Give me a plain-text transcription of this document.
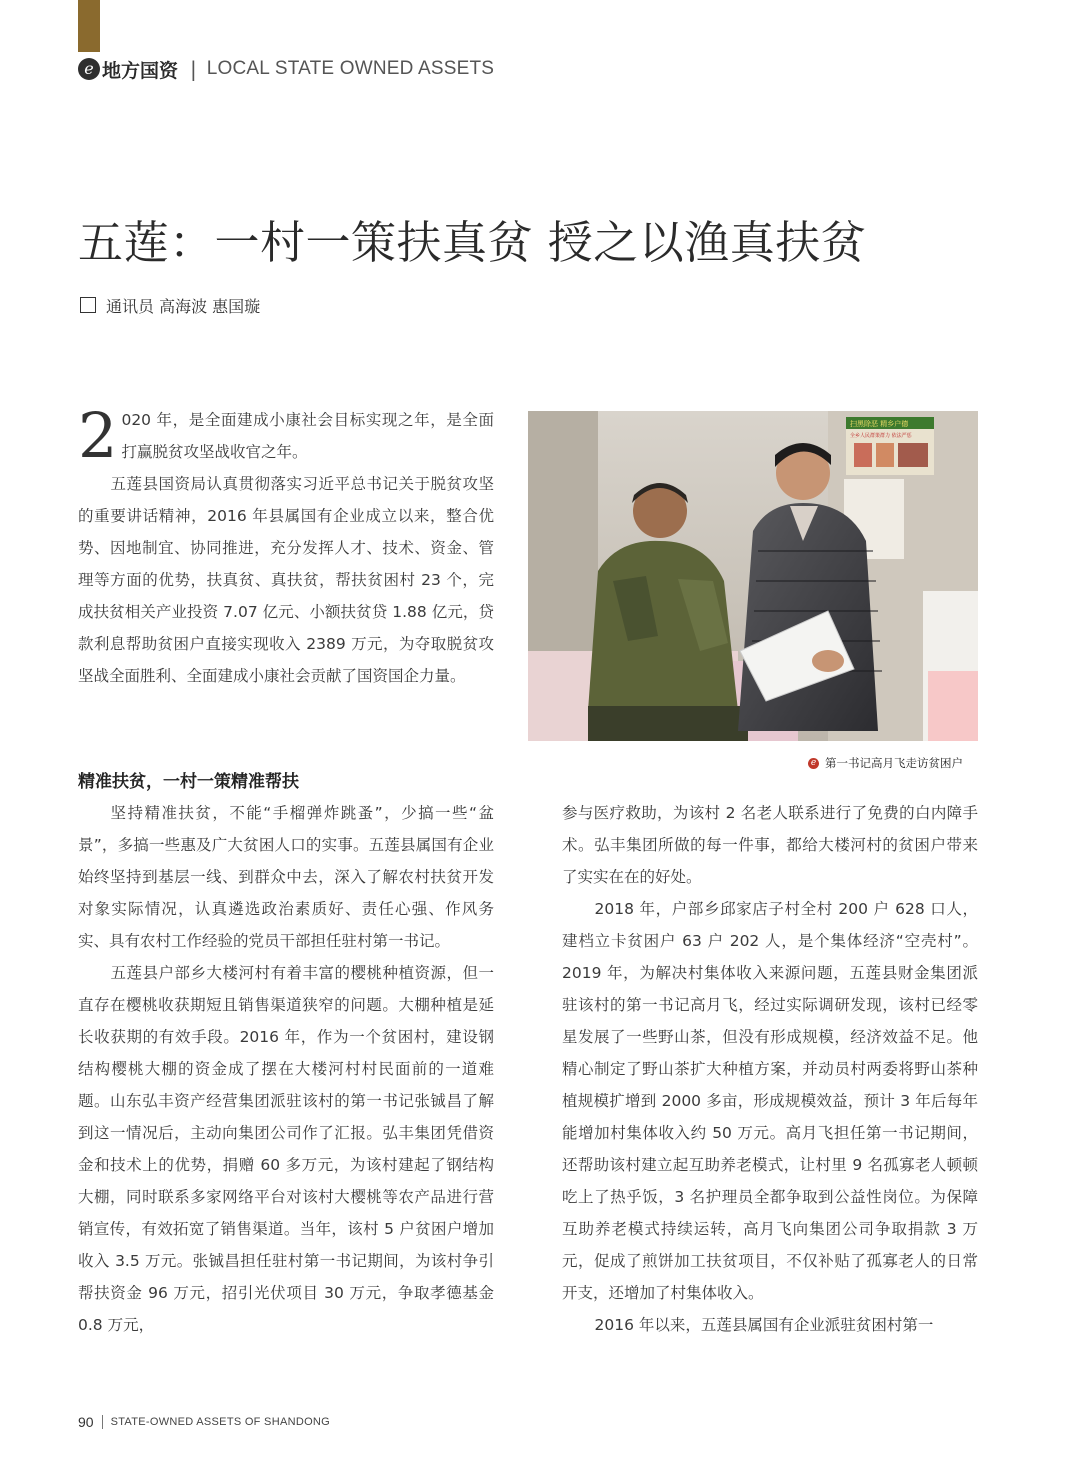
e 地方国资 | LOCAL STATE OWNED ASSETS
五莲：一村一策扶真贫 授之以渔真扶贫
通讯员 高海波 惠国璇

2 020 年，是全面建成小康社会目标实现之年，是全面打赢脱贫攻坚战收官之年。

五莲县国资局认真贯彻落实习近平总书记关于脱贫攻坚的重要讲话精神，2016 年县属国有企业成立以来，整合优势、因地制宜、协同推进，充分发挥人才、技术、资金、管理等方面的优势，扶真贫、真扶贫，帮扶贫困村 23 个，完成扶贫相关产业投资 7.07 亿元、小额扶贫贷 1.88 亿元，贷款利息帮助贫困户直接实现收入 2389 万元，为夺取脱贫攻坚战全面胜利、全面建成小康社会贡献了国资国企力量。

扫黑除恶 精乡户德
全乡人民群策群力 依法严惩
e 第一书记高月飞走访贫困户
精准扶贫，一村一策精准帮扶

坚持精准扶贫，不能“手榴弹炸跳蚤”，少搞一些“盆景”，多搞一些惠及广大贫困人口的实事。五莲县属国有企业始终坚持到基层一线、到群众中去，深入了解农村扶贫开发对象实际情况，认真遴选政治素质好、责任心强、作风务实、具有农村工作经验的党员干部担任驻村第一书记。

五莲县户部乡大楼河村有着丰富的樱桃种植资源，但一直存在樱桃收获期短且销售渠道狭窄的问题。大棚种植是延长收获期的有效手段。2016 年，作为一个贫困村，建设钢结构樱桃大棚的资金成了摆在大楼河村村民面前的一道难题。山东弘丰资产经营集团派驻该村的第一书记张铖昌了解到这一情况后，主动向集团公司作了汇报。弘丰集团凭借资金和技术上的优势，捐赠 60 多万元，为该村建起了钢结构大棚，同时联系多家网络平台对该村大樱桃等农产品进行营销宣传，有效拓宽了销售渠道。当年，该村 5 户贫困户增加收入 3.5 万元。张铖昌担任驻村第一书记期间，为该村争引帮扶资金 96 万元，招引光伏项目 30 万元，争取孝德基金 0.8 万元，

参与医疗救助，为该村 2 名老人联系进行了免费的白内障手术。弘丰集团所做的每一件事，都给大楼河村的贫困户带来了实实在在的好处。

2018 年，户部乡邱家店子村全村 200 户 628 口人，建档立卡贫困户 63 户 202 人，是个集体经济“空壳村”。2019 年，为解决村集体收入来源问题，五莲县财金集团派驻该村的第一书记高月飞，经过实际调研发现，该村已经零星发展了一些野山茶，但没有形成规模，经济效益不足。他精心制定了野山茶扩大种植方案，并动员村两委将野山茶种植规模扩增到 2000 多亩，形成规模效益，预计 3 年后每年能增加村集体收入约 50 万元。高月飞担任第一书记期间，还帮助该村建立起互助养老模式，让村里 9 名孤寡老人顿顿吃上了热乎饭，3 名护理员全都争取到公益性岗位。为保障互助养老模式持续运转，高月飞向集团公司争取捐款 3 万元，促成了煎饼加工扶贫项目，不仅补贴了孤寡老人的日常开支，还增加了村集体收入。

2016 年以来，五莲县属国有企业派驻贫困村第一

90 STATE-OWNED ASSETS OF SHANDONG
